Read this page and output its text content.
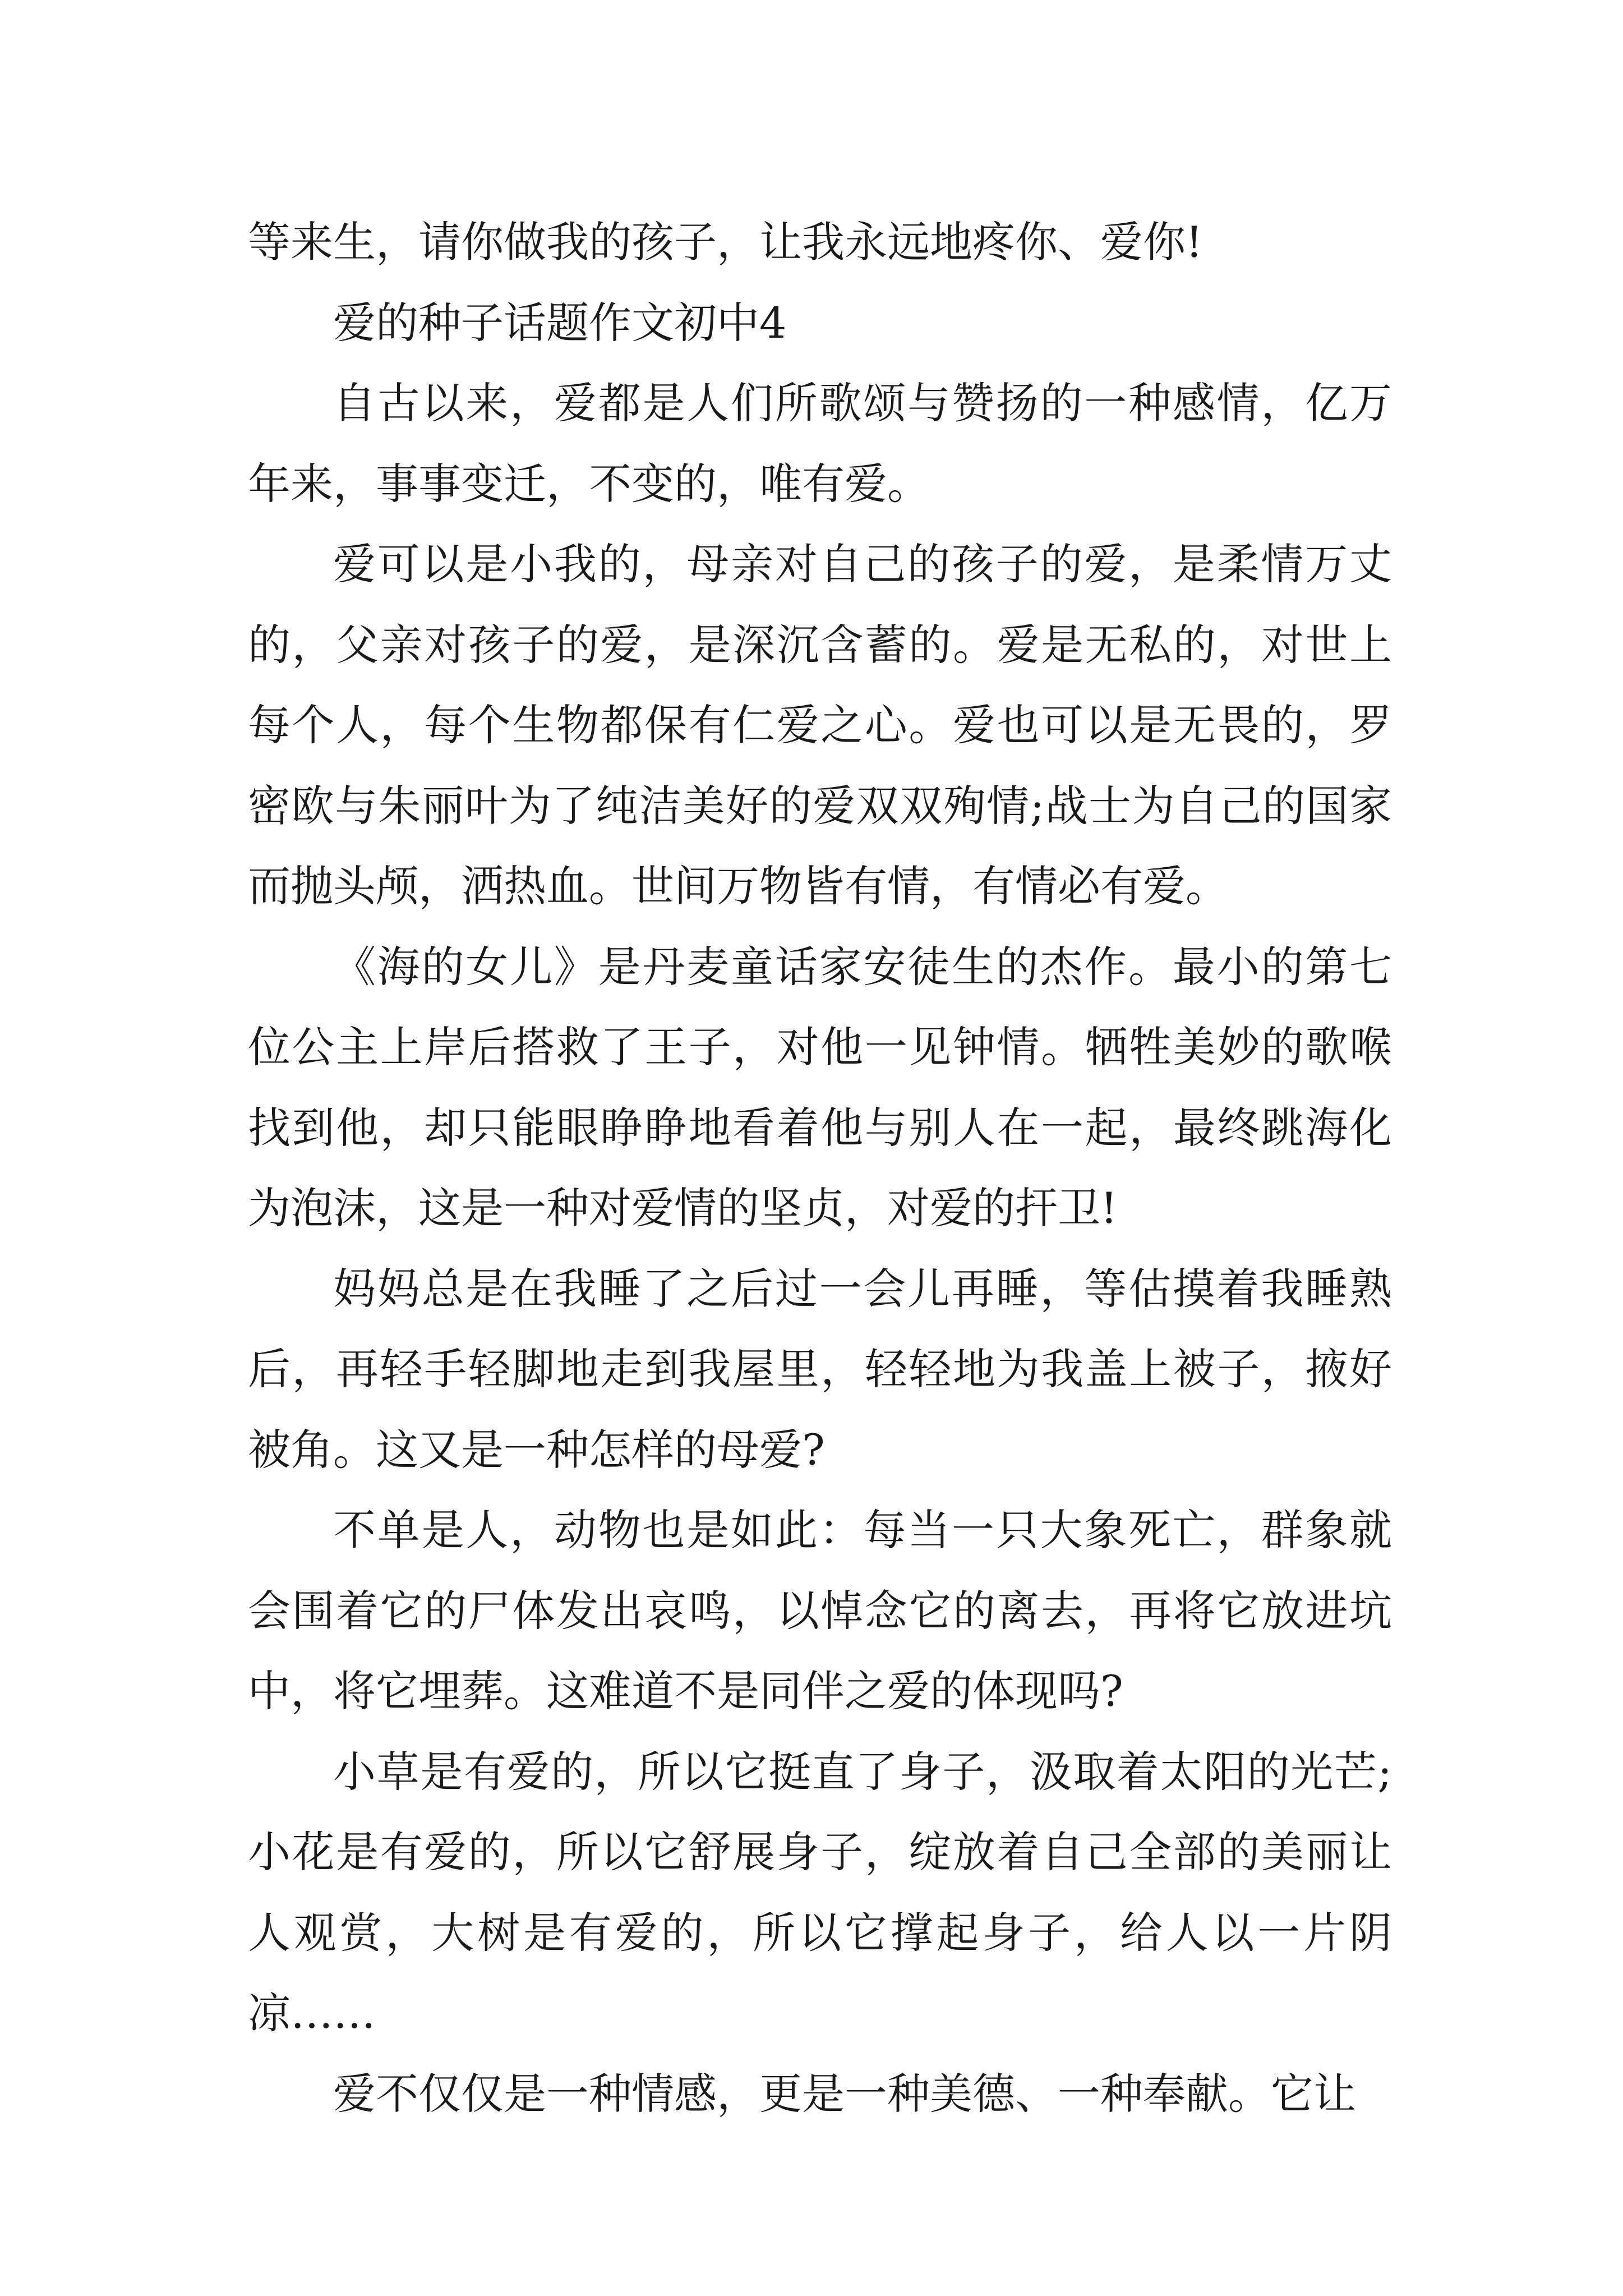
等来生，请你做我的孩子，让我永远地疼你、爱你!

爱的种子话题作文初中4

自古以来，爱都是人们所歌颂与赞扬的一种感情，亿万年来，事事变迁，不变的，唯有爱。

爱可以是小我的，母亲对自己的孩子的爱，是柔情万丈的，父亲对孩子的爱，是深沉含蓄的。爱是无私的，对世上每个人，每个生物都保有仁爱之心。爱也可以是无畏的，罗密欧与朱丽叶为了纯洁美好的爱双双殉情;战士为自己的国家而抛头颅，洒热血。世间万物皆有情，有情必有爱。

《海的女儿》是丹麦童话家安徒生的杰作。最小的第七位公主上岸后搭救了王子，对他一见钟情。牺牲美妙的歌喉找到他，却只能眼睁睁地看着他与别人在一起，最终跳海化为泡沫，这是一种对爱情的坚贞，对爱的扞卫!

妈妈总是在我睡了之后过一会儿再睡，等估摸着我睡熟后，再轻手轻脚地走到我屋里，轻轻地为我盖上被子，掖好被角。这又是一种怎样的母爱?

不单是人，动物也是如此：每当一只大象死亡，群象就会围着它的尸体发出哀鸣，以悼念它的离去，再将它放进坑中，将它埋葬。这难道不是同伴之爱的体现吗?

小草是有爱的，所以它挺直了身子，汲取着太阳的光芒;小花是有爱的，所以它舒展身子，绽放着自己全部的美丽让人观赏，大树是有爱的，所以它撑起身子，给人以一片阴凉……

爱不仅仅是一种情感，更是一种美德、一种奉献。它让
